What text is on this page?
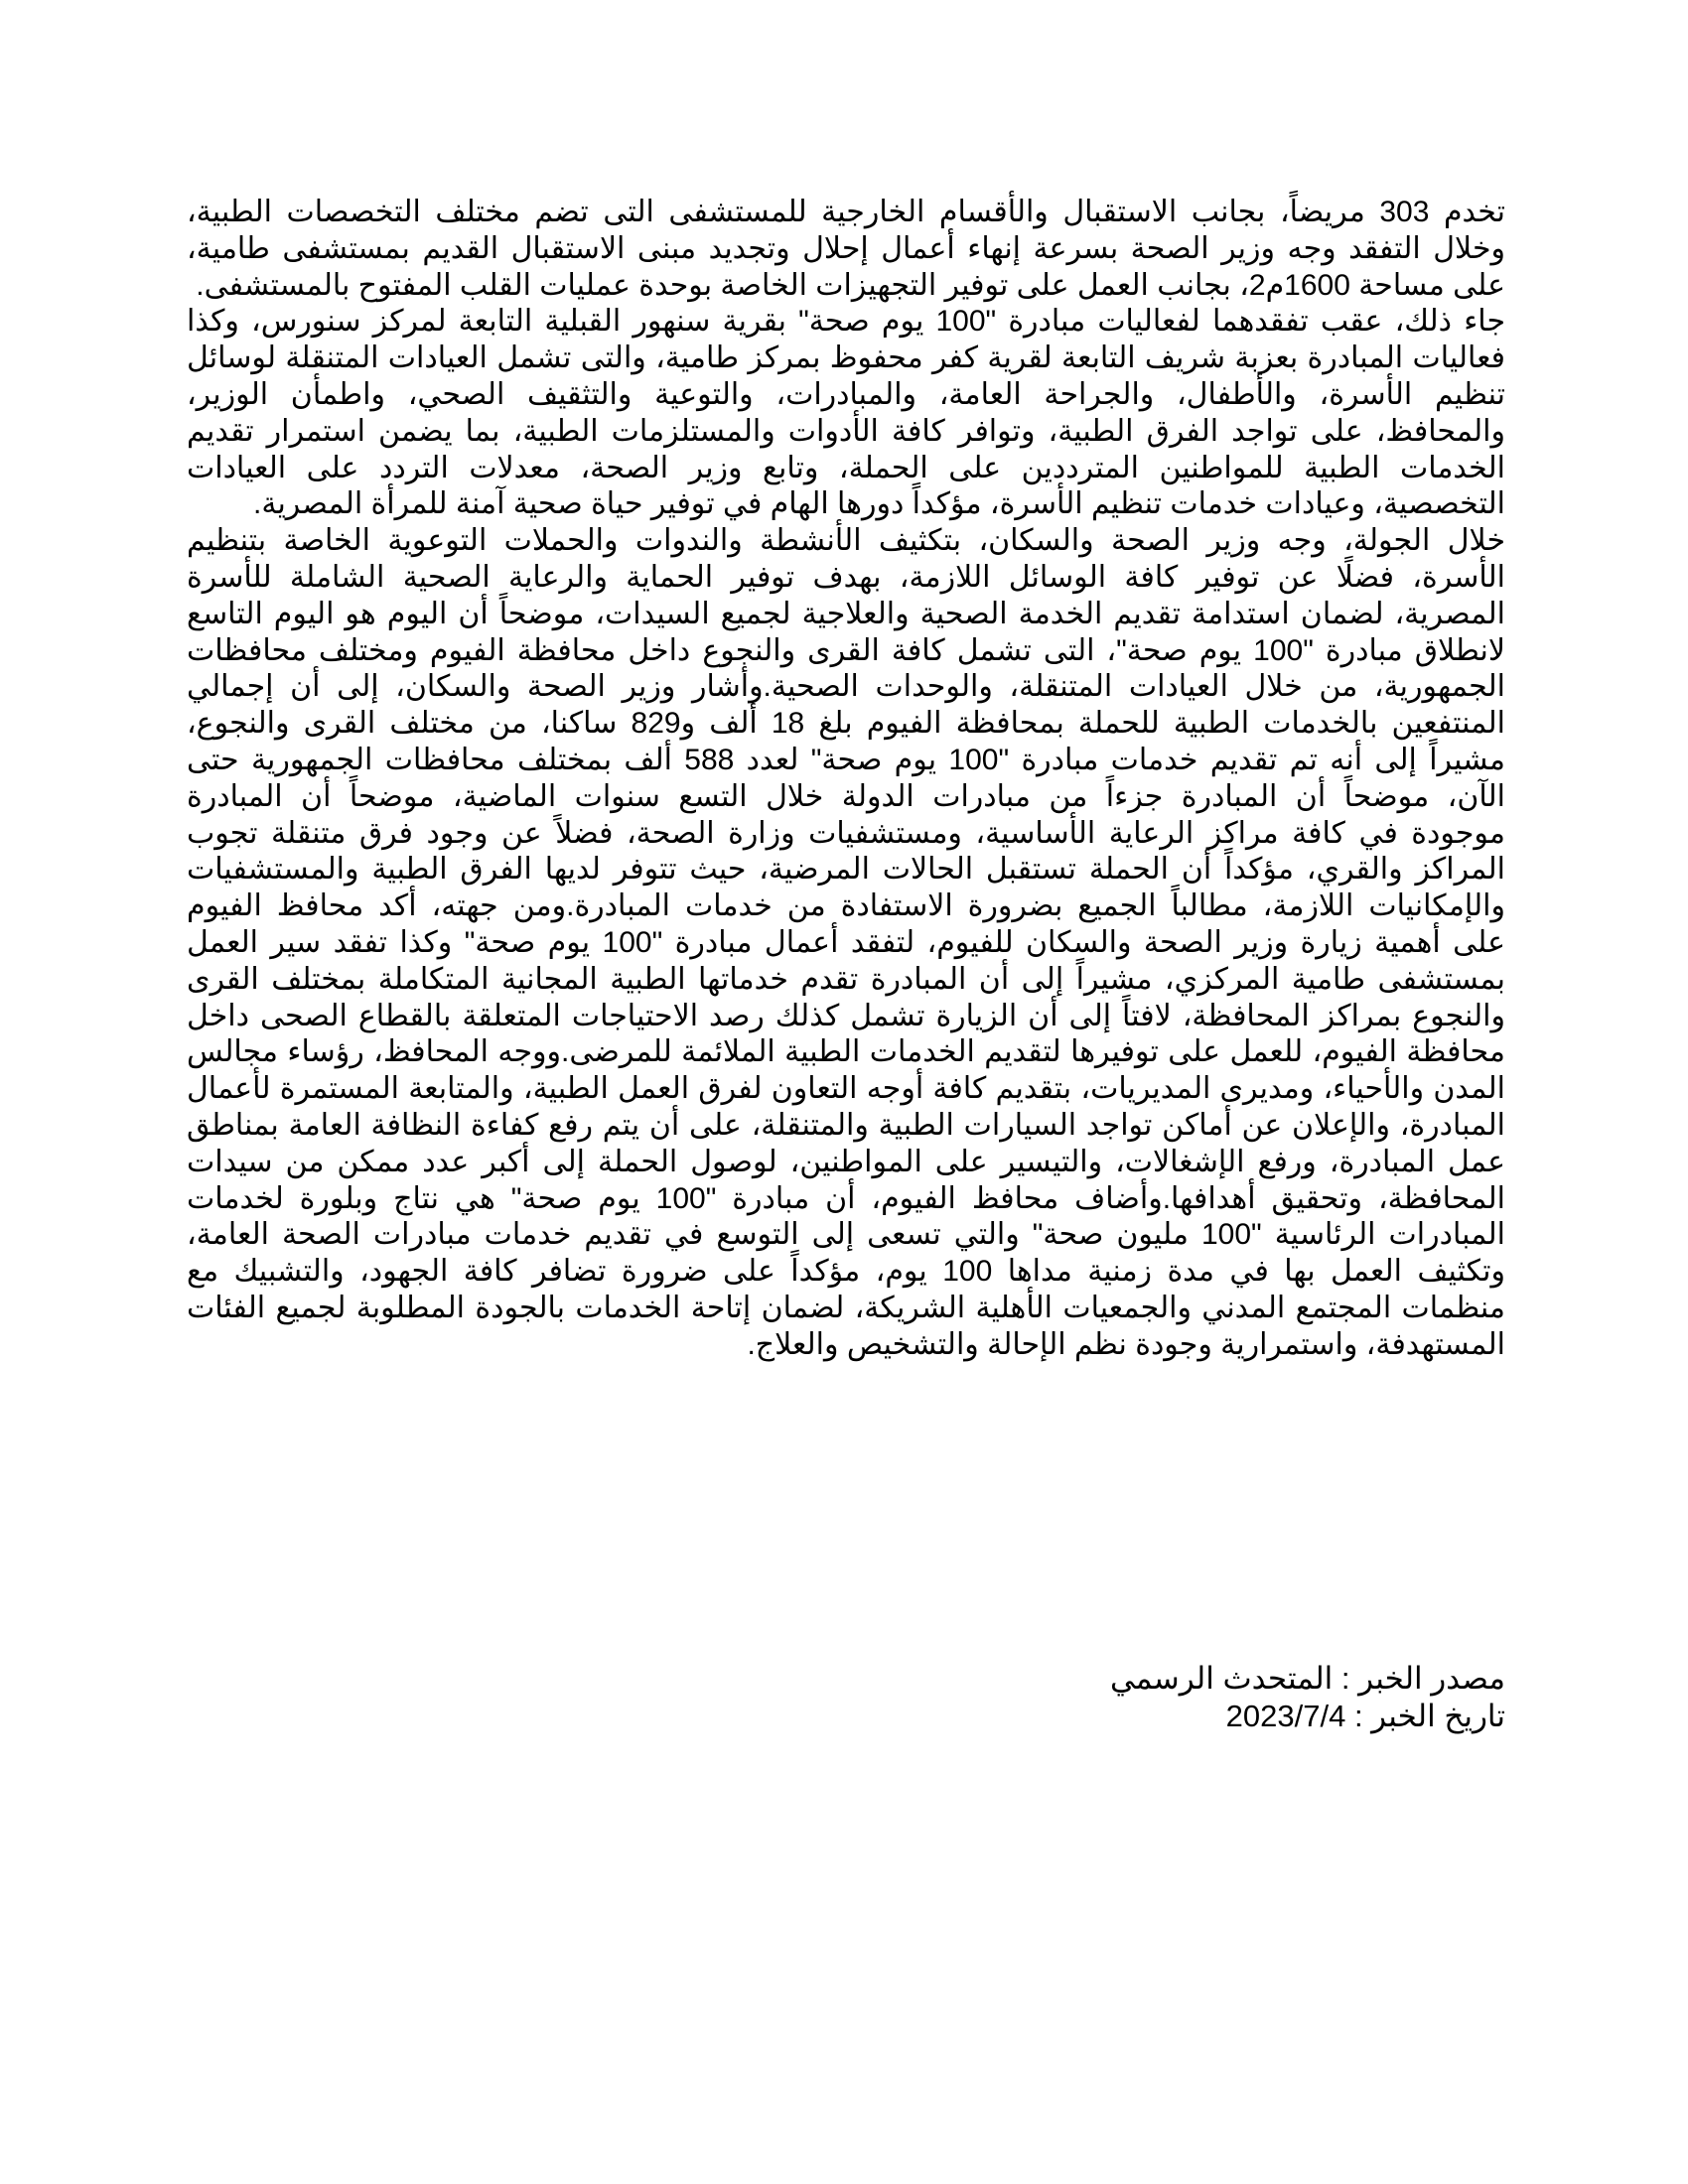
تخدم 303 مريضاً، بجانب الاستقبال والأقسام الخارجية للمستشفى التى تضم مختلف التخصصات الطبية،
وخلال التفقد وجه وزير الصحة بسرعة إنهاء أعمال إحلال وتجديد مبنى الاستقبال القديم بمستشفى طامية،
على مساحة 1600م2، بجانب العمل على توفير التجهيزات الخاصة بوحدة عمليات القلب المفتوح بالمستشفى.
جاء ذلك، عقب تفقدهما لفعاليات مبادرة "100 يوم صحة" بقرية سنهور القبلية التابعة لمركز سنورس، وكذا
فعاليات المبادرة بعزبة شريف التابعة لقرية كفر محفوظ بمركز طامية، والتى تشمل العيادات المتنقلة لوسائل
تنظيم الأسرة، والأطفال، والجراحة العامة، والمبادرات، والتوعية والتثقيف الصحي، واطمأن الوزير،
والمحافظ، على تواجد الفرق الطبية، وتوافر كافة الأدوات والمستلزمات الطبية، بما يضمن استمرار تقديم
الخدمات الطبية للمواطنين المترددين على الحملة، وتابع وزير الصحة، معدلات التردد على العيادات
التخصصية، وعيادات خدمات تنظيم الأسرة، مؤكداً دورها الهام في توفير حياة صحية آمنة للمرأة المصرية.
خلال الجولة، وجه وزير الصحة والسكان، بتكثيف الأنشطة والندوات والحملات التوعوية الخاصة بتنظيم
الأسرة، فضلًا عن توفير كافة الوسائل اللازمة، بهدف توفير الحماية والرعاية الصحية الشاملة للأسرة
المصرية، لضمان استدامة تقديم الخدمة الصحية والعلاجية لجميع السيدات، موضحاً أن اليوم هو اليوم التاسع
لانطلاق مبادرة "100 يوم صحة"، التى تشمل كافة القرى والنجوع داخل محافظة الفيوم ومختلف محافظات
الجمهورية، من خلال العيادات المتنقلة، والوحدات الصحية.وأشار وزير الصحة والسكان، إلى أن إجمالي
المنتفعين بالخدمات الطبية للحملة بمحافظة الفيوم بلغ 18 ألف و829 ساكنا، من مختلف القرى والنجوع،
مشيراً إلى أنه تم تقديم خدمات مبادرة "100 يوم صحة" لعدد 588 ألف بمختلف محافظات الجمهورية حتى
الآن، موضحاً أن المبادرة جزءاً من مبادرات الدولة خلال التسع سنوات الماضية، موضحاً أن المبادرة
موجودة في كافة مراكز الرعاية الأساسية، ومستشفيات وزارة الصحة، فضلاً عن وجود فرق متنقلة تجوب
المراكز والقري، مؤكداً أن الحملة تستقبل الحالات المرضية، حيث تتوفر لديها الفرق الطبية والمستشفيات
والإمكانيات اللازمة، مطالباً الجميع بضرورة الاستفادة من خدمات المبادرة.ومن جهته، أكد محافظ الفيوم
على أهمية زيارة وزير الصحة والسكان للفيوم، لتفقد أعمال مبادرة "100 يوم صحة" وكذا تفقد سير العمل
بمستشفى طامية المركزي، مشيراً إلى أن المبادرة تقدم خدماتها الطبية المجانية المتكاملة بمختلف القرى
والنجوع بمراكز المحافظة، لافتاً إلى أن الزيارة تشمل كذلك رصد الاحتياجات المتعلقة بالقطاع الصحى داخل
محافظة الفيوم، للعمل على توفيرها لتقديم الخدمات الطبية الملائمة للمرضى.ووجه المحافظ، رؤساء مجالس
المدن والأحياء، ومديرى المديريات، بتقديم كافة أوجه التعاون لفرق العمل الطبية، والمتابعة المستمرة لأعمال
المبادرة، والإعلان عن أماكن تواجد السيارات الطبية والمتنقلة، على أن يتم رفع كفاءة النظافة العامة بمناطق
عمل المبادرة، ورفع الإشغالات، والتيسير على المواطنين، لوصول الحملة إلى أكبر عدد ممكن من سيدات
المحافظة، وتحقيق أهدافها.وأضاف محافظ الفيوم، أن مبادرة "100 يوم صحة" هي نتاج وبلورة لخدمات
المبادرات الرئاسية "100 مليون صحة" والتي تسعى إلى التوسع في تقديم خدمات مبادرات الصحة العامة،
وتكثيف العمل بها في مدة زمنية مداها 100 يوم، مؤكداً على ضرورة تضافر كافة الجهود، والتشبيك مع
منظمات المجتمع المدني والجمعيات الأهلية الشريكة، لضمان إتاحة الخدمات بالجودة المطلوبة لجميع الفئات
المستهدفة، واستمرارية وجودة نظم الإحالة والتشخيص والعلاج.
مصدر الخبر : المتحدث الرسمي
تاريخ الخبر : 2023/7/4
